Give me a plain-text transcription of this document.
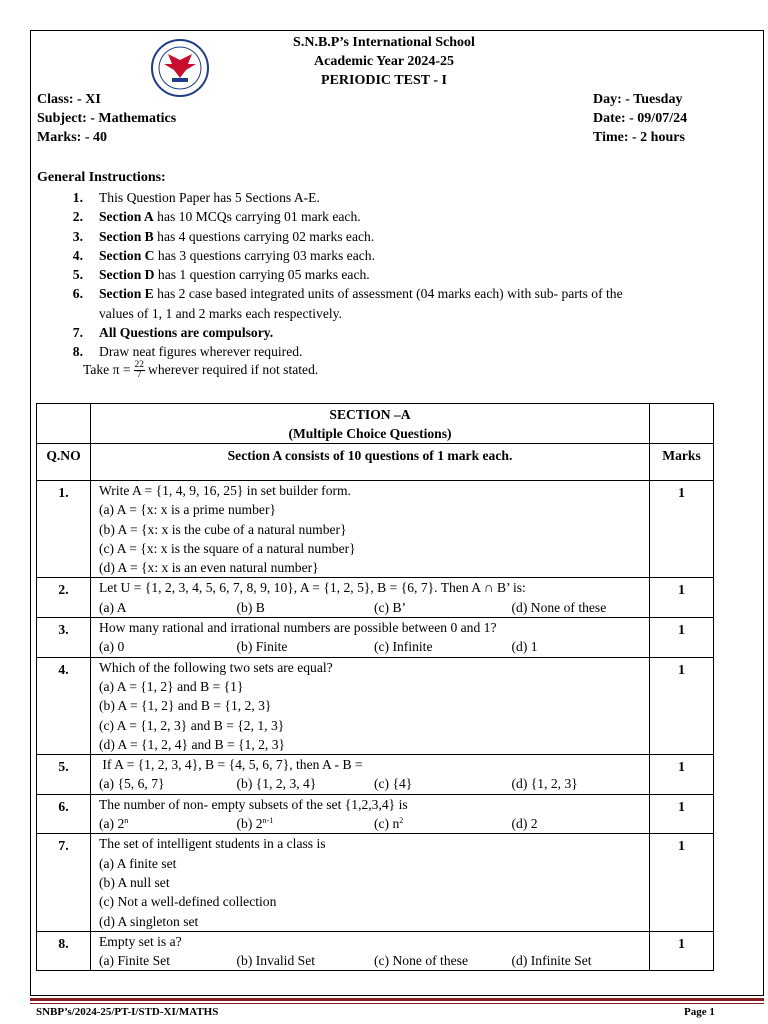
S.N.B.P’s International School
Academic Year 2024-25
PERIODIC TEST - I
Class: - XI
Subject: - Mathematics
Marks: - 40
Day: - Tuesday
Date: - 09/07/24
Time: - 2 hours
General Instructions:
1.	This Question Paper has 5 Sections A-E.
2.	Section A has 10 MCQs carrying 01 mark each.
3.	Section B has 4 questions carrying 02 marks each.
4.	Section C has 3 questions carrying 03 marks each.
5.	Section D has 1 question carrying 05 marks each.
6.	Section E has 2 case based integrated units of assessment (04 marks each) with sub- parts of the
values of 1, 1 and 2 marks each respectively.
7.	All Questions are compulsory.
8.	Draw neat figures wherever required.
Take $\pi = \frac{22}{7}$ wherever required if not stated.

	SECTION –A
(Multiple Choice Questions)	

Q.NO	Section A consists of 10 questions of 1 mark each.	Marks
1.	Write A = {1, 4, 9, 16, 25} in set builder form.
(a) A = {x: x is a prime number}
(b) A = {x: x is the cube of a natural number}
(c) A = {x: x is the square of a natural number}
(d) A = {x: x is an even natural number}	1
2.	Let U = {1, 2, 3, 4, 5, 6, 7, 8, 9, 10}, A = {1, 2, 5}, B = {6, 7}. Then A ∩ B’ is:
(a) A (b) B (c) B’ (d) None of these	1
3.	How many rational and irrational numbers are possible between 0 and 1?
(a) 0 (b) Finite (c) Infinite (d) 1	1
4.	Which of the following two sets are equal?
(a) A = {1, 2} and B = {1}
(b) A = {1, 2} and B = {1, 2, 3}
(c) A = {1, 2, 3} and B = {2, 1, 3}
(d) A = {1, 2, 4} and B = {1, 2, 3}	1
5.	If A = {1, 2, 3, 4}, B = {4, 5, 6, 7}, then A - B =
(a) {5, 6, 7} (b) {1, 2, 3, 4} (c) {4} (d) {1, 2, 3}	1
6.	The number of non- empty subsets of the set {1,2,3,4} is
(a) 2$^n$ (b) 2$^{n-1}$ (c) $n^2$ (d) 2	1
7.	The set of intelligent students in a class is
(a) A finite set
(b) A null set
(c) Not a well-defined collection
(d) A singleton set	1
8.	Empty set is a?
(a) Finite Set (b) Invalid Set (c) None of these (d) Infinite Set	1
SNBP’s/2024-25/PT-I/STD-XI/MATHS	Page 1
